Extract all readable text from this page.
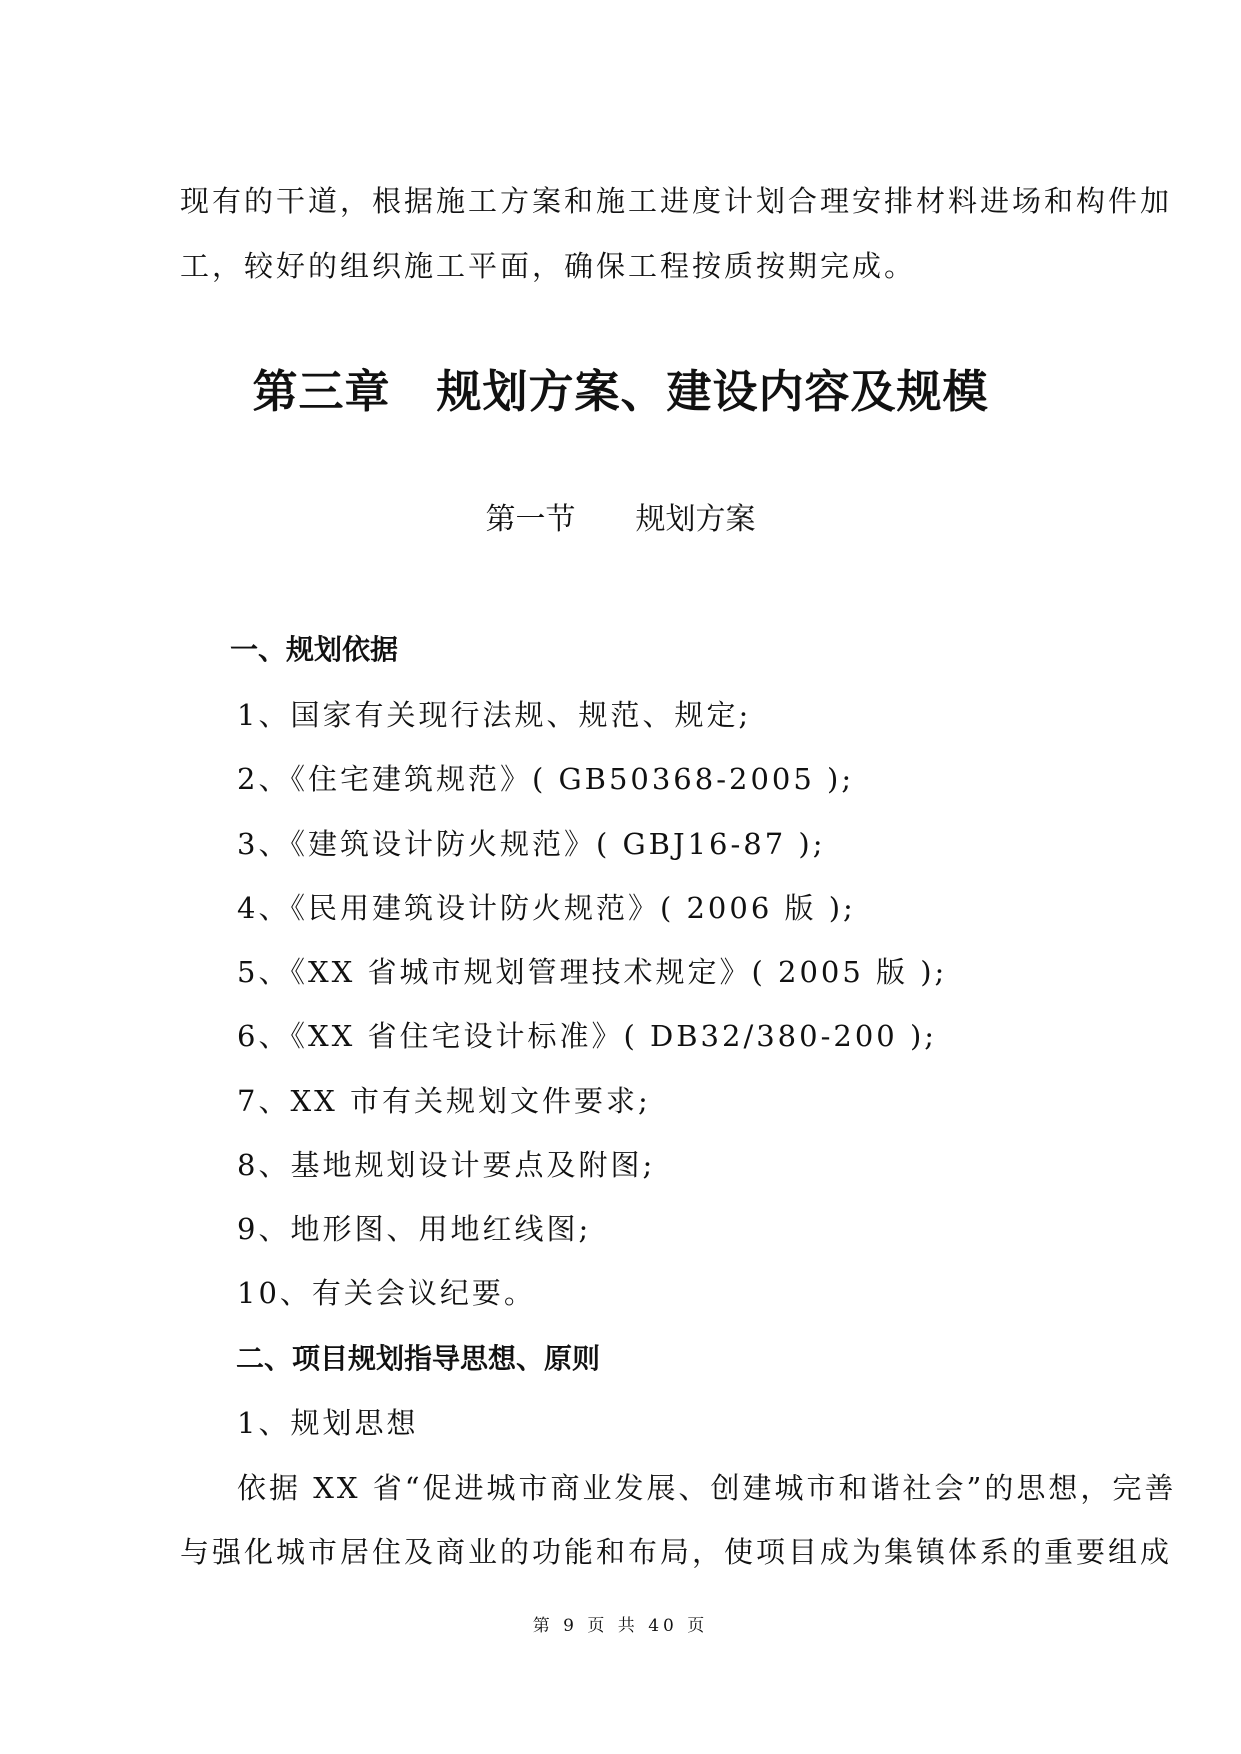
现有的干道，根据施工方案和施工进度计划合理安排材料进场和构件加
工，较好的组织施工平面，确保工程按质按期完成。
第三章　规划方案、建设内容及规模
第一节　　规划方案
一、规划依据
1、国家有关现行法规、规范、规定;
2、《住宅建筑规范》( GB50368-2005 );
3、《建筑设计防火规范》( GBJ16-87 );
4、《民用建筑设计防火规范》( 2006 版 );
5、《XX 省城市规划管理技术规定》( 2005 版 );
6、《XX 省住宅设计标准》( DB32/380-200 );
7、XX 市有关规划文件要求;
8、基地规划设计要点及附图;
9、地形图、用地红线图;
10、有关会议纪要。
二、项目规划指导思想、原则
1、规划思想
依据 XX 省“促进城市商业发展、创建城市和谐社会”的思想，完善
与强化城市居住及商业的功能和布局，使项目成为集镇体系的重要组成
第 9 页 共 40 页
